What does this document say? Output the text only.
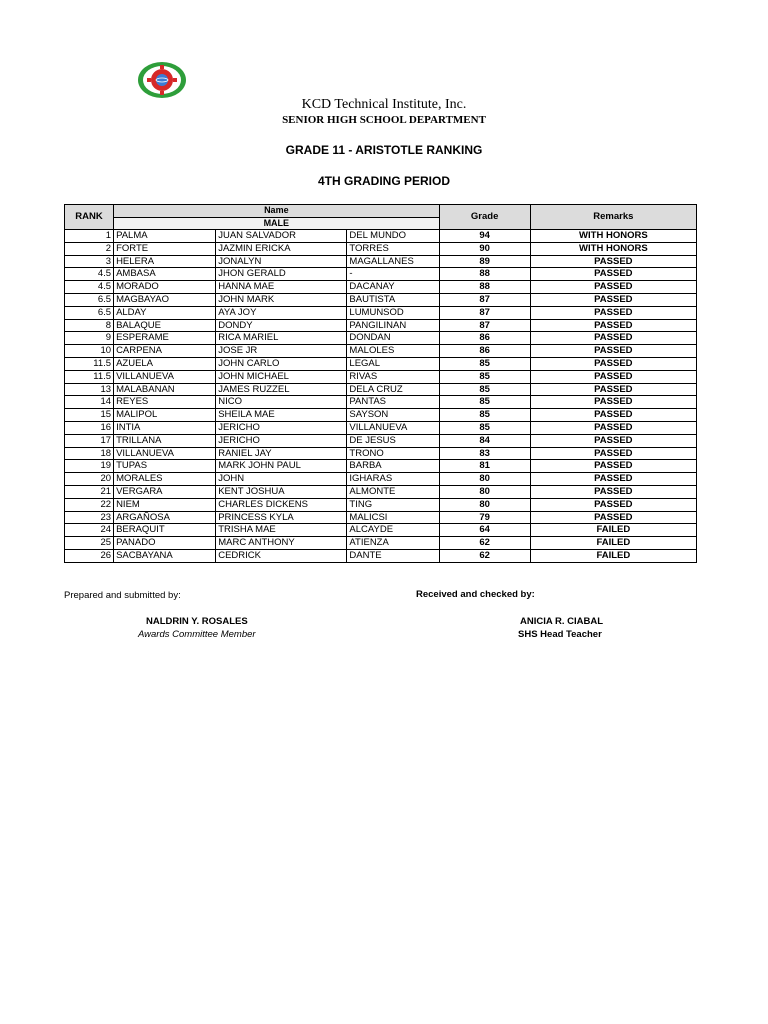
KCD Technical Institute, Inc.
SENIOR HIGH SCHOOL DEPARTMENT
GRADE 11 - ARISTOTLE RANKING
4TH GRADING PERIOD
RANK	Name			Grade	Remarks
	MALE				
1	PALMA	JUAN SALVADOR	DEL MUNDO	94	WITH HONORS
2	FORTE	JAZMIN ERICKA	TORRES	90	WITH HONORS
3	HELERA	JONALYN	MAGALLANES	89	PASSED
4.5	AMBASA	JHON GERALD	-	88	PASSED
4.5	MORADO	HANNA MAE	DACANAY	88	PASSED
6.5	MAGBAYAO	JOHN MARK	BAUTISTA	87	PASSED
6.5	ALDAY	AYA JOY	LUMUNSOD	87	PASSED
8	BALAQUE	DONDY	PANGILINAN	87	PASSED
9	ESPERAME	RICA MARIEL	DONDAN	86	PASSED
10	CARPENA	JOSE JR	MALOLES	86	PASSED
11.5	AZUELA	JOHN CARLO	LEGAL	85	PASSED
11.5	VILLANUEVA	JOHN MICHAEL	RIVAS	85	PASSED
13	MALABANAN	JAMES RUZZEL	DELA CRUZ	85	PASSED
14	REYES	NICO	PANTAS	85	PASSED
15	MALIPOL	SHEILA MAE	SAYSON	85	PASSED
16	INTIA	JERICHO	VILLANUEVA	85	PASSED
17	TRILLANA	JERICHO	DE JESUS	84	PASSED
18	VILLANUEVA	RANIEL JAY	TRONO	83	PASSED
19	TUPAS	MARK JOHN PAUL	BARBA	81	PASSED
20	MORALES	JOHN	IGHARAS	80	PASSED
21	VERGARA	KENT JOSHUA	ALMONTE	80	PASSED
22	NIEM	CHARLES DICKENS	TING	80	PASSED
23	ARGAÑOSA	PRINCESS KYLA	MALICSI	79	PASSED
24	BERAQUIT	TRISHA MAE	ALCAYDE	64	FAILED
25	PANADO	MARC ANTHONY	ATIENZA	62	FAILED
26	SACBAYANA	CEDRICK	DANTE	62	FAILED
Prepared and submitted by:	Received and checked by:
NALDRIN Y. ROSALES
Awards Committee Member
ANICIA R. CIABAL
SHS Head Teacher
